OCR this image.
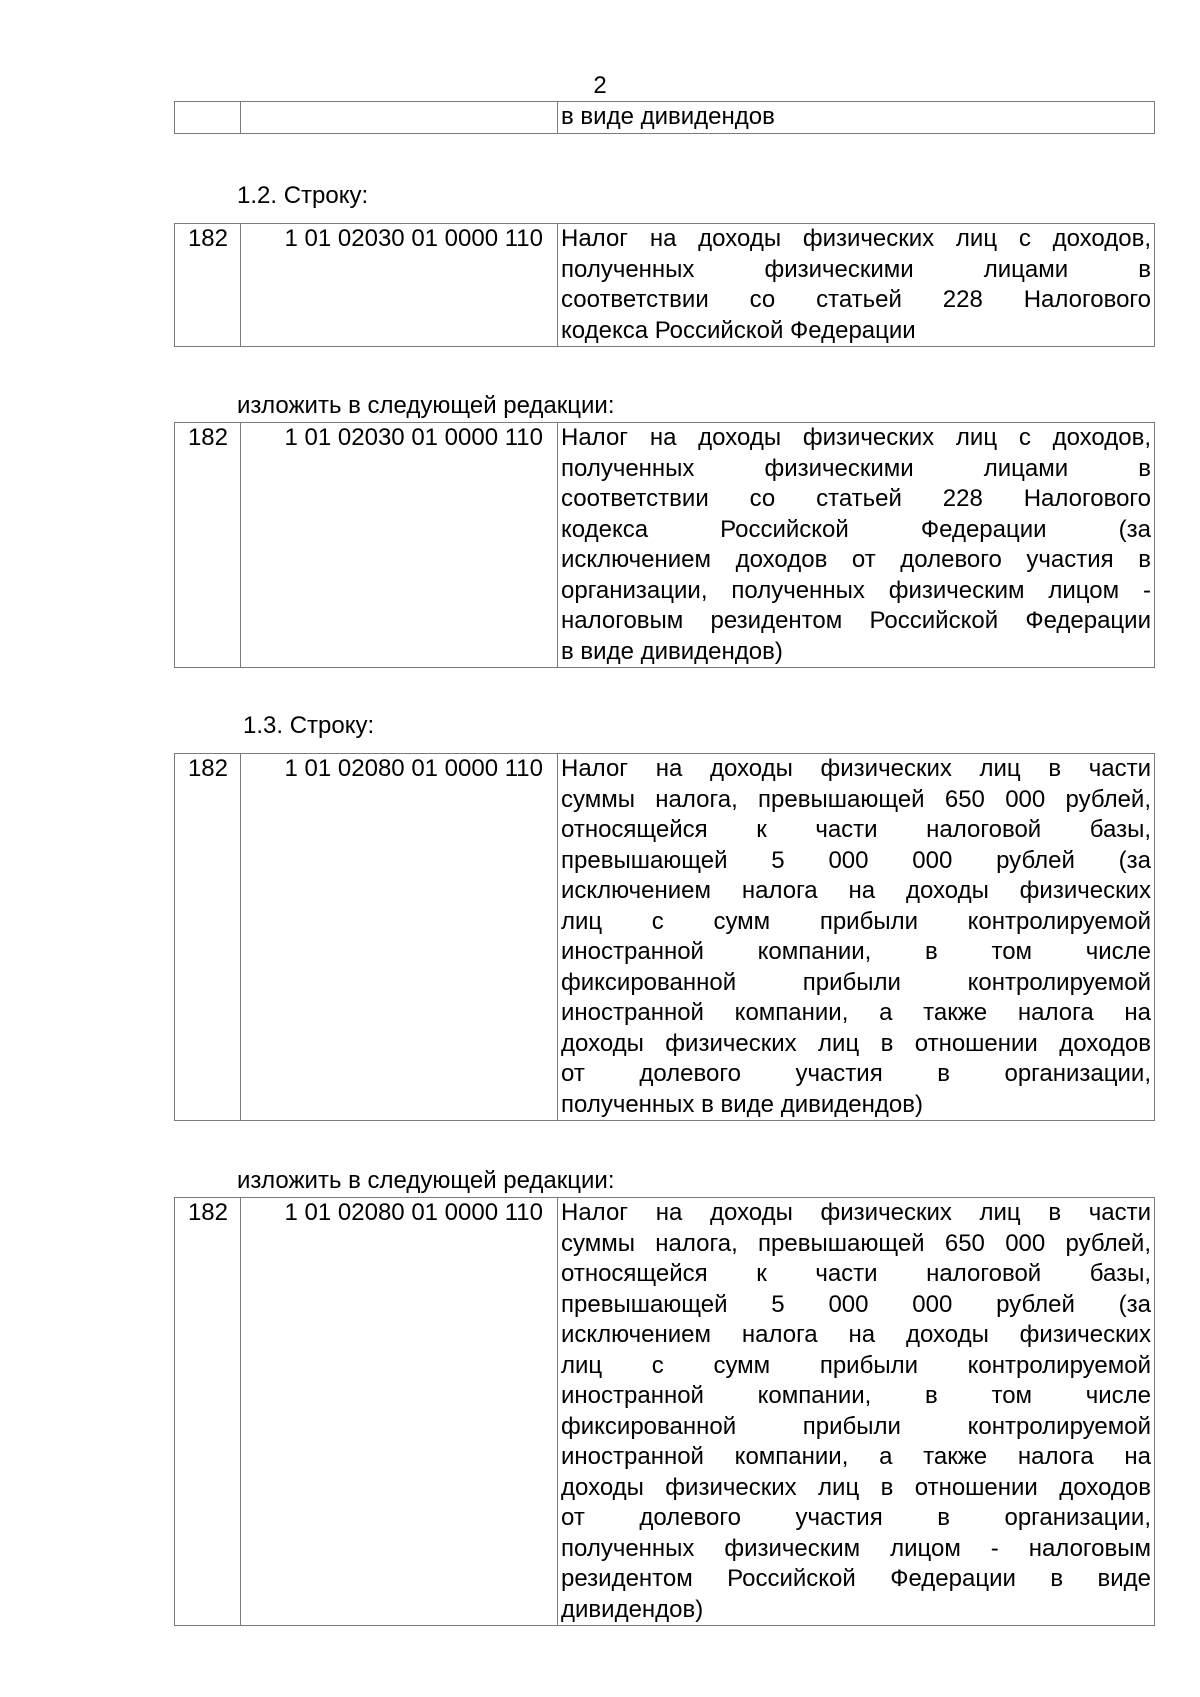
2

в виде дивидендов
1.2. Строку:
182	1 01 02030 01 0000 110	Налог на доходы физических лиц с доходов,
полученных физическими лицами в
соответствии со статьей 228 Налогового
кодекса Российской Федерации
изложить в следующей редакции:
182	1 01 02030 01 0000 110	Налог на доходы физических лиц с доходов,
полученных физическими лицами в
соответствии со статьей 228 Налогового
кодекса Российской Федерации (за
исключением доходов от долевого участия в
организации, полученных физическим лицом -
налоговым резидентом Российской Федерации
в виде дивидендов)
1.3. Строку:
182	1 01 02080 01 0000 110	Налог на доходы физических лиц в части
суммы налога, превышающей 650 000 рублей,
относящейся к части налоговой базы,
превышающей 5 000 000 рублей (за
исключением налога на доходы физических
лиц с сумм прибыли контролируемой
иностранной компании, в том числе
фиксированной прибыли контролируемой
иностранной компании, а также налога на
доходы физических лиц в отношении доходов
от долевого участия в организации,
полученных в виде дивидендов)
изложить в следующей редакции:
182	1 01 02080 01 0000 110	Налог на доходы физических лиц в части
суммы налога, превышающей 650 000 рублей,
относящейся к части налоговой базы,
превышающей 5 000 000 рублей (за
исключением налога на доходы физических
лиц с сумм прибыли контролируемой
иностранной компании, в том числе
фиксированной прибыли контролируемой
иностранной компании, а также налога на
доходы физических лиц в отношении доходов
от долевого участия в организации,
полученных физическим лицом - налоговым
резидентом Российской Федерации в виде
дивидендов)
